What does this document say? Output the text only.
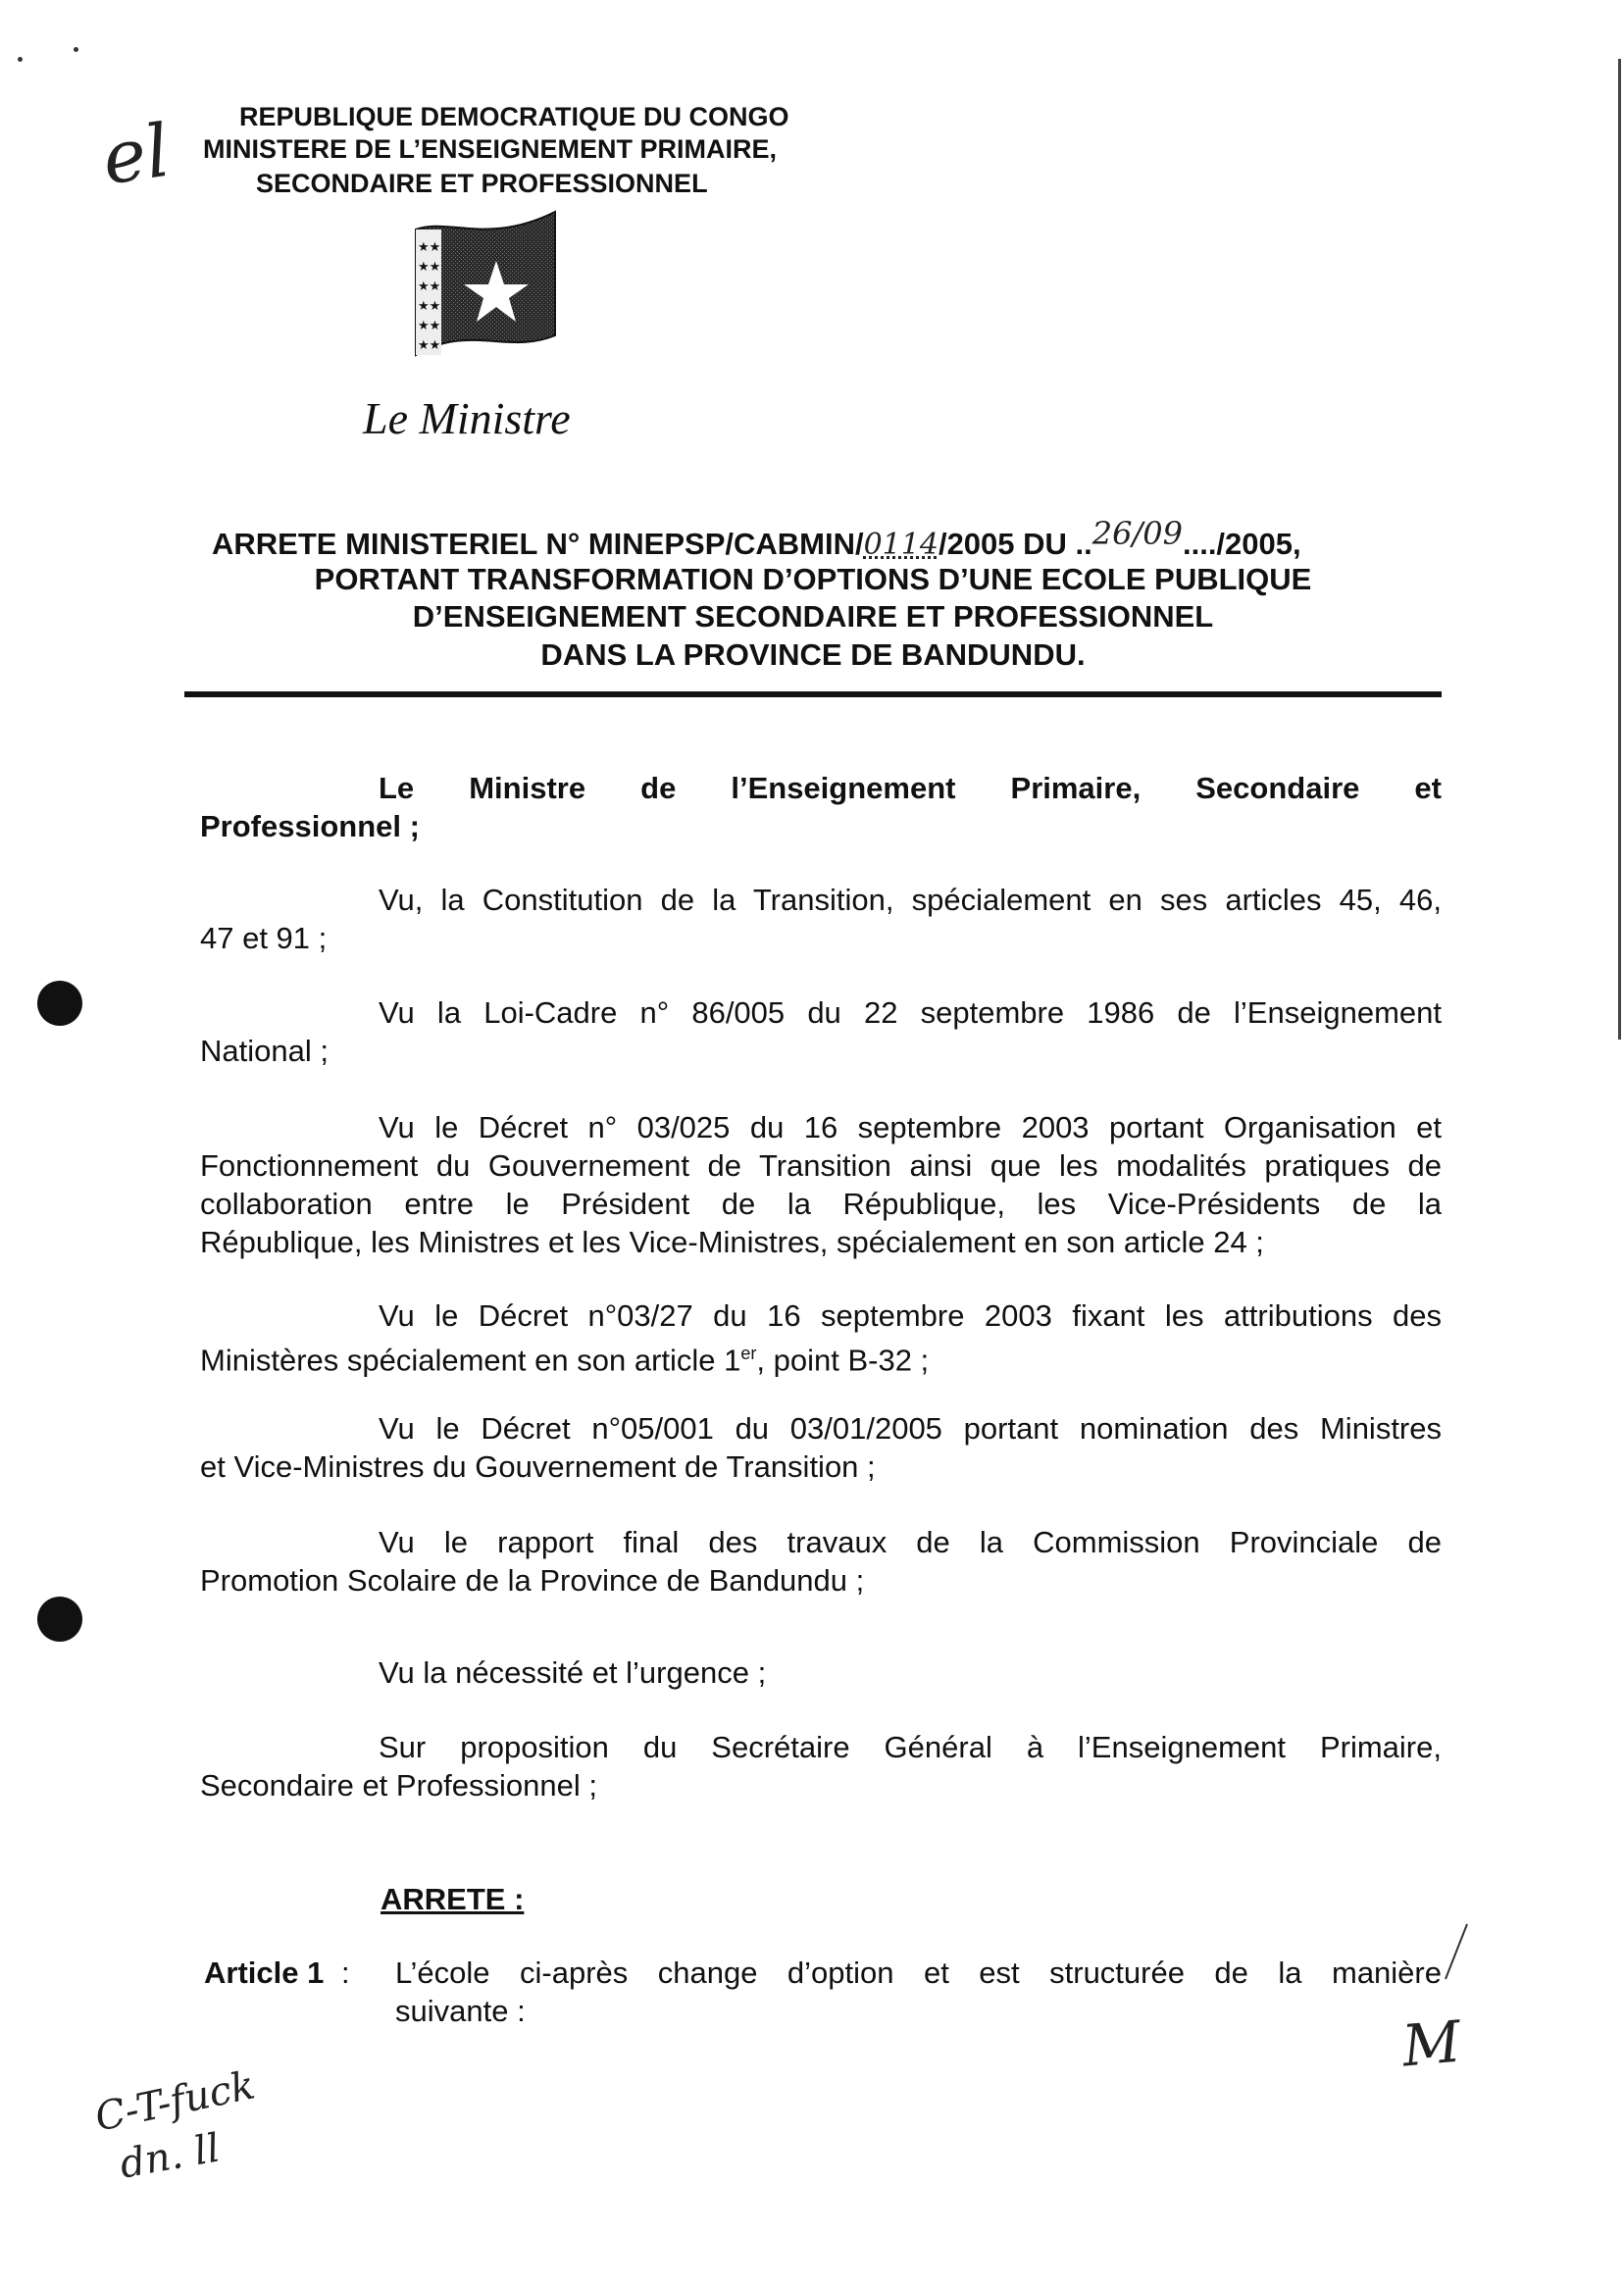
el REPUBLIQUE DEMOCRATIQUE DU CONGO
MINISTERE DE L’ENSEIGNEMENT PRIMAIRE,
SECONDAIRE ET PROFESSIONNEL
★★
★★
★★
★★
★★
★★
Le Ministre
ARRETE MINISTERIEL N° MINEPSP/CABMIN/0114/2005 DU ..26/09..../2005,
PORTANT TRANSFORMATION D’OPTIONS D’UNE ECOLE PUBLIQUE
D’ENSEIGNEMENT SECONDAIRE ET PROFESSIONNEL
DANS LA PROVINCE DE BANDUNDU.
Le Ministre de l’Enseignement Primaire, Secondaire et
Professionnel ;
Vu, la Constitution de la Transition, spécialement en ses articles 45, 46,
47 et 91 ;
Vu la Loi-Cadre n° 86/005 du 22 septembre 1986 de l’Enseignement
National ;
Vu le Décret n° 03/025 du 16 septembre 2003 portant Organisation et
Fonctionnement du Gouvernement de Transition ainsi que les modalités pratiques de
collaboration entre le Président de la République, les Vice-Présidents de la
République, les Ministres et les Vice-Ministres, spécialement en son article 24 ;
Vu le Décret n°03/27 du 16 septembre 2003 fixant les attributions des
Ministères spécialement en son article 1er, point B-32 ;
Vu le Décret n°05/001 du 03/01/2005 portant nomination des Ministres
et Vice-Ministres du Gouvernement de Transition ;
Vu le rapport final des travaux de la Commission Provinciale de
Promotion Scolaire de la Province de Bandundu ;
Vu la nécessité et l’urgence ;
Sur proposition du Secrétaire Général à l’Enseignement Primaire,
Secondaire et Professionnel ;
ARRETE :
Article 1 : L’école ci-après change d’option et est structurée de la manière
suivante :
C-T-fuck
dn. ll
M
